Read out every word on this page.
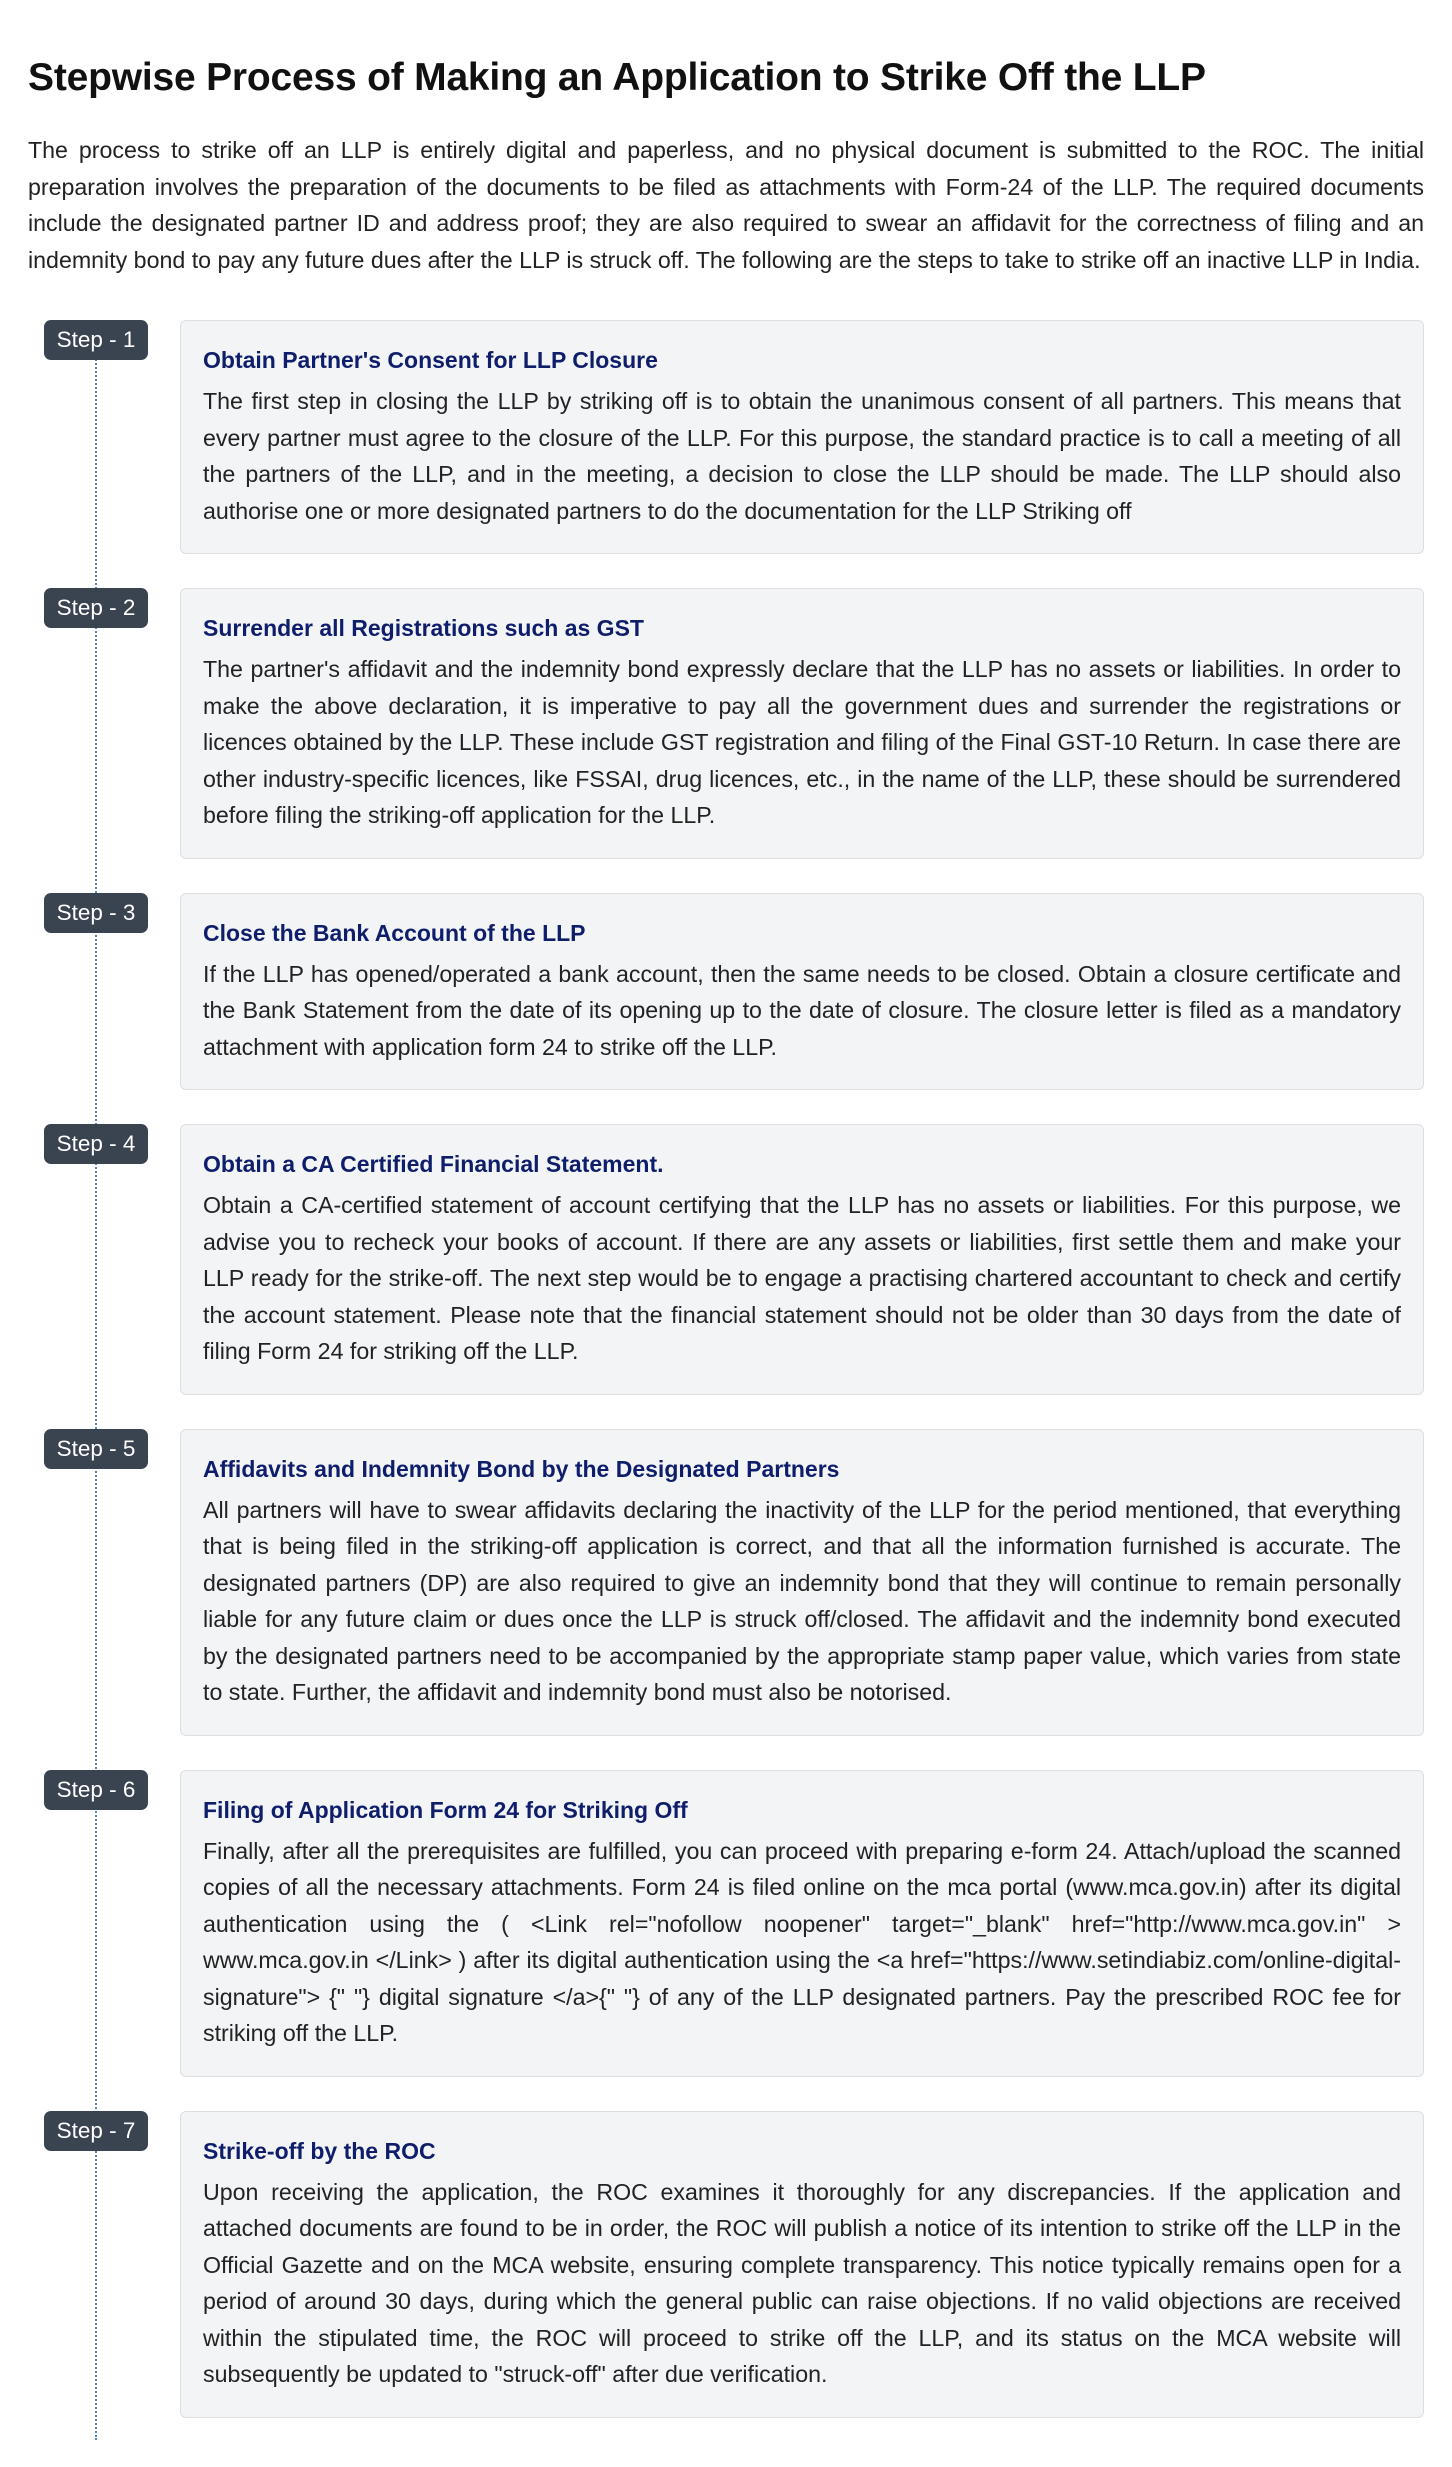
Stepwise Process of Making an Application to Strike Off the LLP

The process to strike off an LLP is entirely digital and paperless, and no physical document is submitted to the ROC. The initial preparation involves the preparation of the documents to be filed as attachments with Form-24 of the LLP. The required documents include the designated partner ID and address proof; they are also required to swear an affidavit for the correctness of filing and an indemnity bond to pay any future dues after the LLP is struck off. The following are the steps to take to strike off an inactive LLP in India.

Step - 1
Obtain Partner's Consent for LLP Closure

The first step in closing the LLP by striking off is to obtain the unanimous consent of all partners. This means that every partner must agree to the closure of the LLP. For this purpose, the standard practice is to call a meeting of all the partners of the LLP, and in the meeting, a decision to close the LLP should be made. The LLP should also authorise one or more designated partners to do the documentation for the LLP Striking off

Step - 2
Surrender all Registrations such as GST

The partner's affidavit and the indemnity bond expressly declare that the LLP has no assets or liabilities. In order to make the above declaration, it is imperative to pay all the government dues and surrender the registrations or licences obtained by the LLP. These include GST registration and filing of the Final GST-10 Return. In case there are other industry-specific licences, like FSSAI, drug licences, etc., in the name of the LLP, these should be surrendered before filing the striking-off application for the LLP.

Step - 3
Close the Bank Account of the LLP

If the LLP has opened/operated a bank account, then the same needs to be closed. Obtain a closure certificate and the Bank Statement from the date of its opening up to the date of closure. The closure letter is filed as a mandatory attachment with application form 24 to strike off the LLP.

Step - 4
Obtain a CA Certified Financial Statement.

Obtain a CA-certified statement of account certifying that the LLP has no assets or liabilities. For this purpose, we advise you to recheck your books of account. If there are any assets or liabilities, first settle them and make your LLP ready for the strike-off. The next step would be to engage a practising chartered accountant to check and certify the account statement. Please note that the financial statement should not be older than 30 days from the date of filing Form 24 for striking off the LLP.

Step - 5
Affidavits and Indemnity Bond by the Designated Partners

All partners will have to swear affidavits declaring the inactivity of the LLP for the period mentioned, that everything that is being filed in the striking-off application is correct, and that all the information furnished is accurate. The designated partners (DP) are also required to give an indemnity bond that they will continue to remain personally liable for any future claim or dues once the LLP is struck off/closed. The affidavit and the indemnity bond executed by the designated partners need to be accompanied by the appropriate stamp paper value, which varies from state to state. Further, the affidavit and indemnity bond must also be notorised.

Step - 6
Filing of Application Form 24 for Striking Off

Finally, after all the prerequisites are fulfilled, you can proceed with preparing e-form 24. Attach/upload the scanned copies of all the necessary attachments. Form 24 is filed online on the mca portal (www.mca.gov.in) after its digital authentication using the ( <Link rel="nofollow noopener" target="_blank" href="http://www.mca.gov.in" > www.mca.gov.in </Link> ) after its digital authentication using the <a href="https://www.setindiabiz.com/online-digital-signature"> {" "} digital signature </a>{" "} of any of the LLP designated partners. Pay the prescribed ROC fee for striking off the LLP.

Step - 7
Strike-off by the ROC

Upon receiving the application, the ROC examines it thoroughly for any discrepancies. If the application and attached documents are found to be in order, the ROC will publish a notice of its intention to strike off the LLP in the Official Gazette and on the MCA website, ensuring complete transparency. This notice typically remains open for a period of around 30 days, during which the general public can raise objections. If no valid objections are received within the stipulated time, the ROC will proceed to strike off the LLP, and its status on the MCA website will subsequently be updated to "struck-off" after due verification.
